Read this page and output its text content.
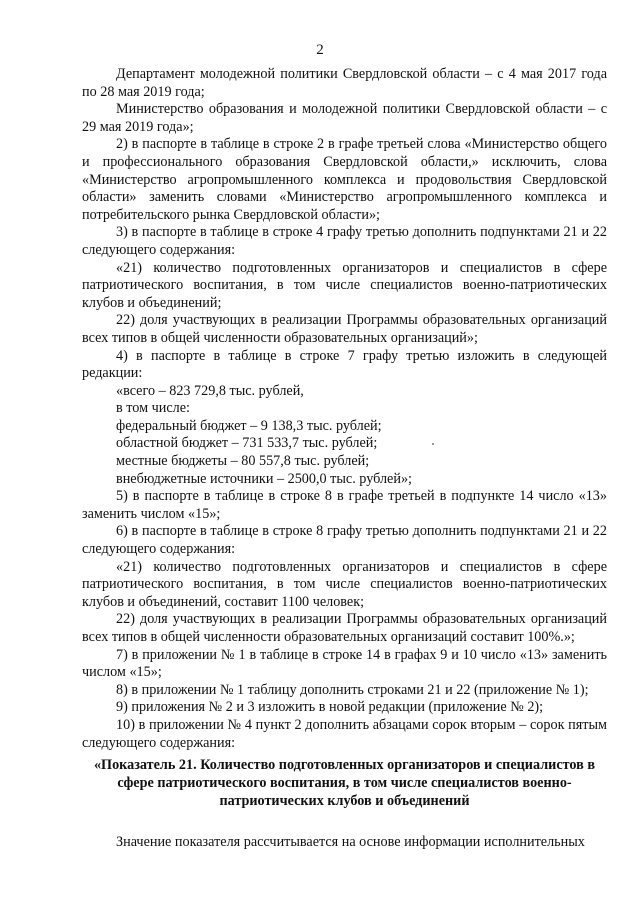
2

Департамент молодежной политики Свердловской области – с 4 мая 2017 года по 28 мая 2019 года;

Министерство образования и молодежной политики Свердловской области – с 29 мая 2019 года»;

2) в паспорте в таблице в строке 2 в графе третьей слова «Министерство общего и профессионального образования Свердловской области,» исключить, слова «Министерство агропромышленного комплекса и продовольствия Свердловской области» заменить словами «Министерство агропромышленного комплекса и потребительского рынка Свердловской области»;

3) в паспорте в таблице в строке 4 графу третью дополнить подпунктами 21 и 22 следующего содержания:

«21) количество подготовленных организаторов и специалистов в сфере патриотического воспитания, в том числе специалистов военно-патриотических клубов и объединений;

22) доля участвующих в реализации Программы образовательных организаций всех типов в общей численности образовательных организаций»;

4) в паспорте в таблице в строке 7 графу третью изложить в следующей редакции:

«всего – 823 729,8 тыс. рублей,

в том числе:

федеральный бюджет – 9 138,3 тыс. рублей;

областной бюджет – 731 533,7 тыс. рублей;

местные бюджеты – 80 557,8 тыс. рублей;

внебюджетные источники – 2500,0 тыс. рублей»;

5) в паспорте в таблице в строке 8 в графе третьей в подпункте 14 число «13» заменить числом «15»;

6) в паспорте в таблице в строке 8 графу третью дополнить подпунктами 21 и 22 следующего содержания:

«21) количество подготовленных организаторов и специалистов в сфере патриотического воспитания, в том числе специалистов военно-патриотических клубов и объединений, составит 1100 человек;

22) доля участвующих в реализации Программы образовательных организаций всех типов в общей численности образовательных организаций составит 100%.»;

7) в приложении № 1 в таблице в строке 14 в графах 9 и 10 число «13» заменить числом «15»;

8) в приложении № 1 таблицу дополнить строками 21 и 22 (приложение № 1);

9) приложения № 2 и 3 изложить в новой редакции (приложение № 2);

10) в приложении № 4 пункт 2 дополнить абзацами сорок вторым – сорок пятым следующего содержания:

«Показатель 21. Количество подготовленных организаторов и специалистов в сфере патриотического воспитания, в том числе специалистов военно-патриотических клубов и объединений

Значение показателя рассчитывается на основе информации исполнительных
